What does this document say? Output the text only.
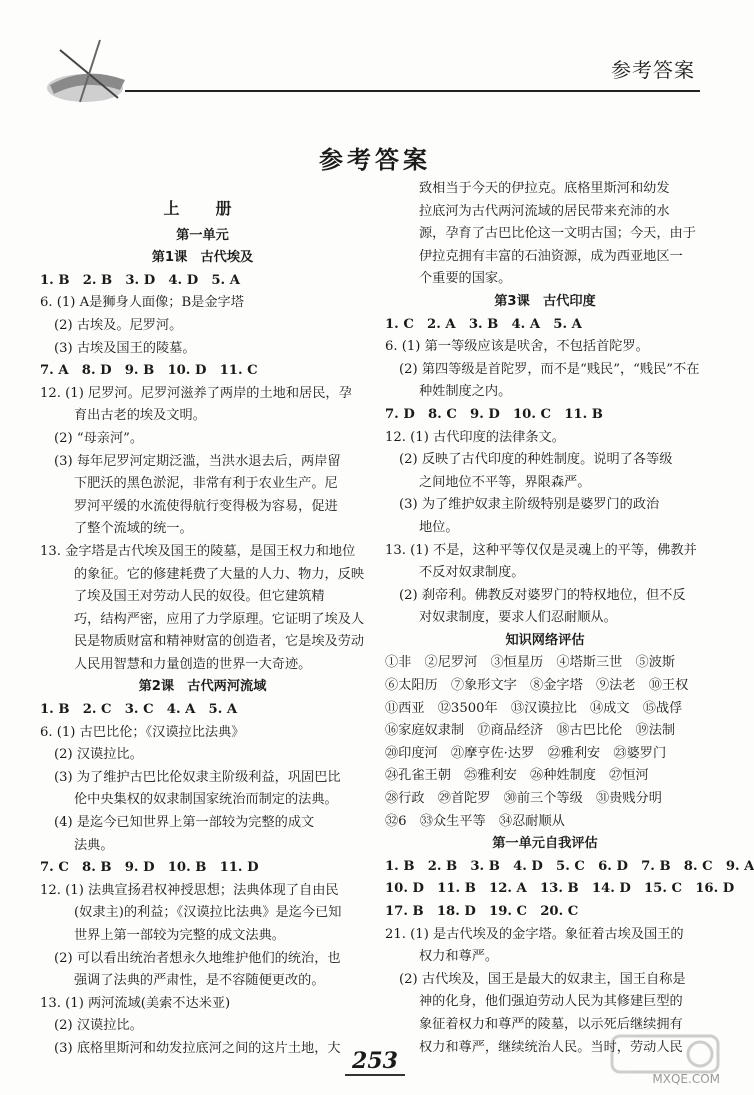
参考答案
参考答案
上　册
第一单元
第1课　古代埃及
1. B　2. B　3. D　4. D　5. A
6. (1) A是狮身人面像；B是金字塔
(2) 古埃及。尼罗河。
(3) 古埃及国王的陵墓。
7. A　8. D　9. B　10. D　11. C
12. (1) 尼罗河。尼罗河滋养了两岸的土地和居民，孕
育出古老的埃及文明。
(2) “母亲河”。
(3) 每年尼罗河定期泛滥，当洪水退去后，两岸留
下肥沃的黑色淤泥，非常有利于农业生产。尼
罗河平缓的水流使得航行变得极为容易，促进
了整个流域的统一。
13. 金字塔是古代埃及国王的陵墓，是国王权力和地位
的象征。它的修建耗费了大量的人力、物力，反映
了埃及国王对劳动人民的奴役。但它建筑精
巧，结构严密，应用了力学原理。它证明了埃及人
民是物质财富和精神财富的创造者，它是埃及劳动
人民用智慧和力量创造的世界一大奇迹。
第2课　古代两河流域
1. B　2. C　3. C　4. A　5. A
6. (1) 古巴比伦；《汉谟拉比法典》
(2) 汉谟拉比。
(3) 为了维护古巴比伦奴隶主阶级利益，巩固巴比
伦中央集权的奴隶制国家统治而制定的法典。
(4) 是迄今已知世界上第一部较为完整的成文
法典。
7. C　8. B　9. D　10. B　11. D
12. (1) 法典宣扬君权神授思想；法典体现了自由民
(奴隶主)的利益；《汉谟拉比法典》是迄今已知
世界上第一部较为完整的成文法典。
(2) 可以看出统治者想永久地维护他们的统治，也
强调了法典的严肃性，是不容随便更改的。
13. (1) 两河流域(美索不达米亚)
(2) 汉谟拉比。
(3) 底格里斯河和幼发拉底河之间的这片土地，大
致相当于今天的伊拉克。底格里斯河和幼发
拉底河为古代两河流域的居民带来充沛的水
源，孕育了古巴比伦这一文明古国；今天，由于
伊拉克拥有丰富的石油资源，成为西亚地区一
个重要的国家。
第3课　古代印度
1. C　2. A　3. B　4. A　5. A
6. (1) 第一等级应该是吠舍，不包括首陀罗。
(2) 第四等级是首陀罗，而不是“贱民”，“贱民”不在
种姓制度之内。
7. D　8. C　9. D　10. C　11. B
12. (1) 古代印度的法律条文。
(2) 反映了古代印度的种姓制度。说明了各等级
之间地位不平等，界限森严。
(3) 为了维护奴隶主阶级特别是婆罗门的政治
地位。
13. (1) 不是，这种平等仅仅是灵魂上的平等，佛教并
不反对奴隶制度。
(2) 刹帝利。佛教反对婆罗门的特权地位，但不反
对奴隶制度，要求人们忍耐顺从。
知识网络评估
①非　②尼罗河　③恒星历　④塔斯三世　⑤波斯
⑥太阳历　⑦象形文字　⑧金字塔　⑨法老　⑩王权
⑪西亚　⑫3500年　⑬汉谟拉比　⑭成文　⑮战俘
⑯家庭奴隶制　⑰商品经济　⑱古巴比伦　⑲法制
⑳印度河　㉑摩亨佐·达罗　㉒雅利安　㉓婆罗门
㉔孔雀王朝　㉕雅利安　㉖种姓制度　㉗恒河
㉘行政　㉙首陀罗　㉚前三个等级　㉛贵贱分明
㉜6　㉝众生平等　㉞忍耐顺从
第一单元自我评估
1. B　2. B　3. B　4. D　5. C　6. D　7. B　8. C　9. A
10. D　11. B　12. A　13. B　14. D　15. C　16. D
17. B　18. D　19. C　20. C
21. (1) 是古代埃及的金字塔。象征着古埃及国王的
权力和尊严。
(2) 古代埃及，国王是最大的奴隶主，国王自称是
神的化身，他们强迫劳动人民为其修建巨型的
象征着权力和尊严的陵墓，以示死后继续拥有
权力和尊严，继续统治人民。当时，劳动人民
253
MXQE.COM
